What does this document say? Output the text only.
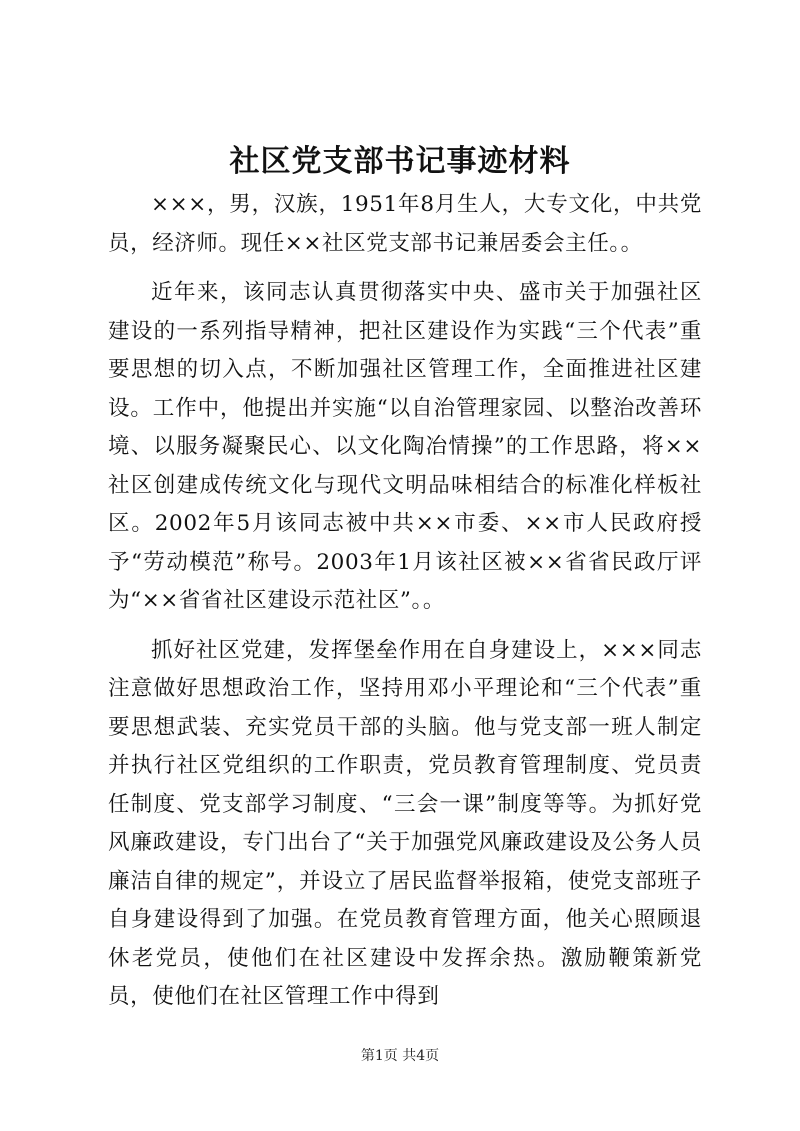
社区党支部书记事迹材料

×××，男，汉族，1951年8月生人，大专文化，中共党员，经济师。现任××社区党支部书记兼居委会主任。。

近年来，该同志认真贯彻落实中央、盛市关于加强社区建设的一系列指导精神，把社区建设作为实践“三个代表”重要思想的切入点，不断加强社区管理工作，全面推进社区建设。工作中，他提出并实施“以自治管理家园、以整治改善环境、以服务凝聚民心、以文化陶冶情操”的工作思路，将××社区创建成传统文化与现代文明品味相结合的标准化样板社区。2002年5月该同志被中共××市委、××市人民政府授予“劳动模范”称号。2003年1月该社区被××省省民政厅评为“××省省社区建设示范社区”。。

抓好社区党建，发挥堡垒作用在自身建设上，×××同志注意做好思想政治工作，坚持用邓小平理论和“三个代表”重要思想武装、充实党员干部的头脑。他与党支部一班人制定并执行社区党组织的工作职责，党员教育管理制度、党员责任制度、党支部学习制度、“三会一课”制度等等。为抓好党风廉政建设，专门出台了“关于加强党风廉政建设及公务人员廉洁自律的规定”，并设立了居民监督举报箱，使党支部班子自身建设得到了加强。在党员教育管理方面，他关心照顾退休老党员，使他们在社区建设中发挥余热。激励鞭策新党员，使他们在社区管理工作中得到

第1页 共4页
